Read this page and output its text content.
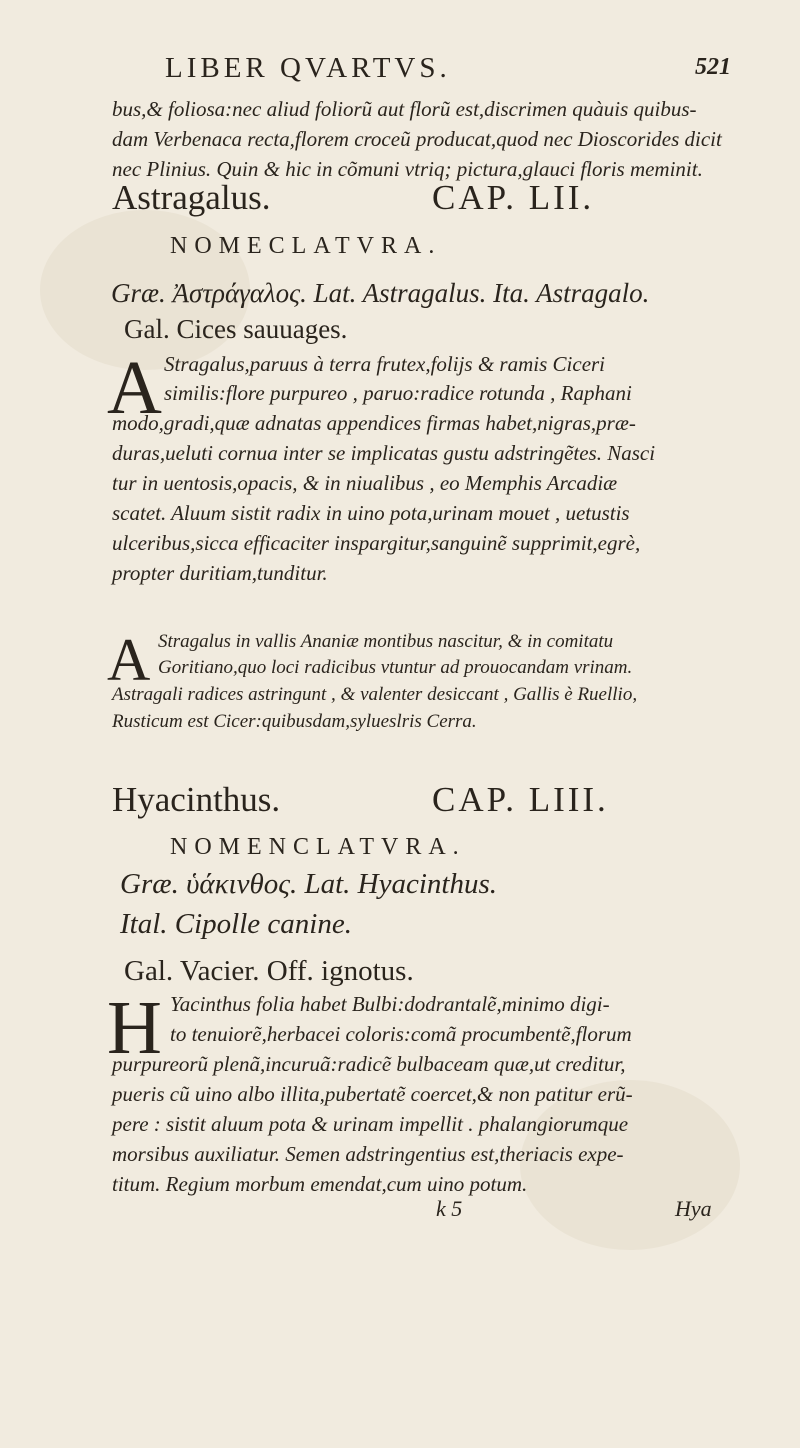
LIBER QVARTVS.	521
bus,& foliosa:nec aliud foliorũ aut florũ est,discrimen quàuis quibus-
dam Verbenaca recta,florem croceũ producat,quod nec Dioscorides dicit
nec Plinius. Quin & hic in cõmuni vtriq; pictura,glauci floris meminit.
Astragalus.	CAP. LII.
NOMECLATVRA.
Græ. Ἀστράγαλος. Lat. Astragalus. Ita. Astragalo.
Gal. Cices sauuages.
A Stragalus,paruus à terra frutex,folijs & ramis Ciceri
similis:flore purpureo , paruo:radice rotunda , Raphani
modo,gradi,quæ adnatas appendices firmas habet,nigras,præ-
duras,ueluti cornua inter se implicatas gustu adstringẽtes. Nasci
tur in uentosis,opacis, & in niualibus , eo Memphis Arcadiæ
scatet. Aluum sistit radix in uino pota,urinam mouet , uetustis
ulceribus,sicca efficaciter inspargitur,sanguinẽ supprimit,egrè,
propter duritiam,tunditur.
A Stragalus in vallis Ananiæ montibus nascitur, & in comitatu
Goritiano,quo loci radicibus vtuntur ad prouocandam vrinam.
Astragali radices astringunt , & valenter desiccant , Gallis è Ruellio,
Rusticum est Cicer:quibusdam,sylueslris Cerra.
Hyacinthus.	CAP. LIII.
NOMENCLATVRA.
Græ. ὑάκινθος. Lat. Hyacinthus.
Ital. Cipolle canine.
Gal. Vacier. Off. ignotus.
H Yacinthus folia habet Bulbi:dodrantalẽ,minimo digi-
to tenuiorẽ,herbacei coloris:comã procumbentẽ,florum
purpureorũ plenã,incuruã:radicẽ bulbaceam quæ,ut creditur,
pueris cũ uino albo illita,pubertatẽ coercet,& non patitur erũ-
pere : sistit aluum pota & urinam impellit . phalangiorumque
morsibus auxiliatur. Semen adstringentius est,theriacis expe-
titum. Regium morbum emendat,cum uino potum.
k 5	Hya
